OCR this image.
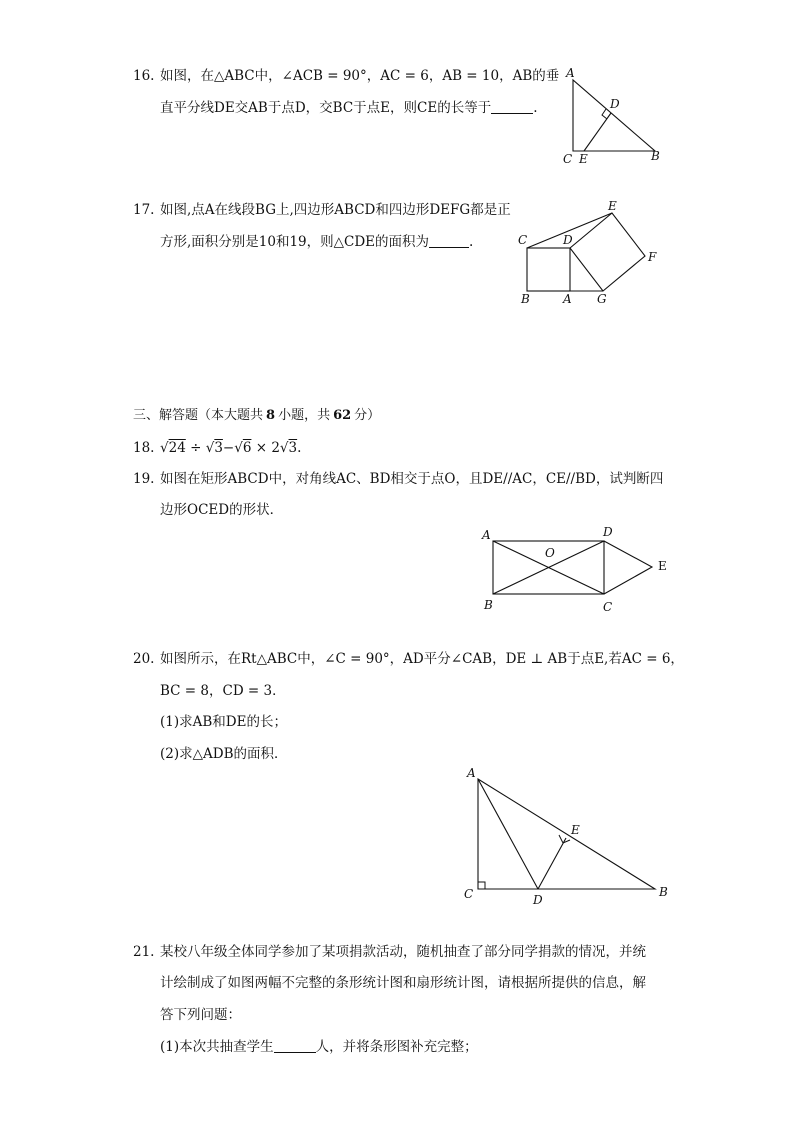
16. 如图，在△ABC中，∠ACB = 90°，AC = 6，AB = 10，AB的垂
直平分线DE交AB于点D，交BC于点E，则CE的长等于	.
A
D
C E	B
17. 如图,点A在线段BG上,四边形ABCD和四边形DEFG都是正
方形,面积分别是10和19，则△CDE的面积为	.
E
C	D
F
B	A G
三、解答题（本大题共 8 小题，共 62 分）
18. √24 ÷ √3−√6 × 2√3.
19. 如图在矩形ABCD中，对角线AC、BD相交于点O，且DE//AC，CE//BD，试判断四
边形OCED的形状．
A	D
O
E
B	C
20. 如图所示，在Rt△ABC中，∠C = 90°，AD平分∠CAB，DE ⊥ AB于点E,若AC = 6，
BC = 8，CD = 3．
(1)求AB和DE的长；
(2)求△ADB的面积．
A
E
C	D
B
21. 某校八年级全体同学参加了某项捐款活动，随机抽查了部分同学捐款的情况，并统
计绘制成了如图两幅不完整的条形统计图和扇形统计图，请根据所提供的信息，解
答下列问题：
(1)本次共抽查学生	人，并将条形图补充完整；
